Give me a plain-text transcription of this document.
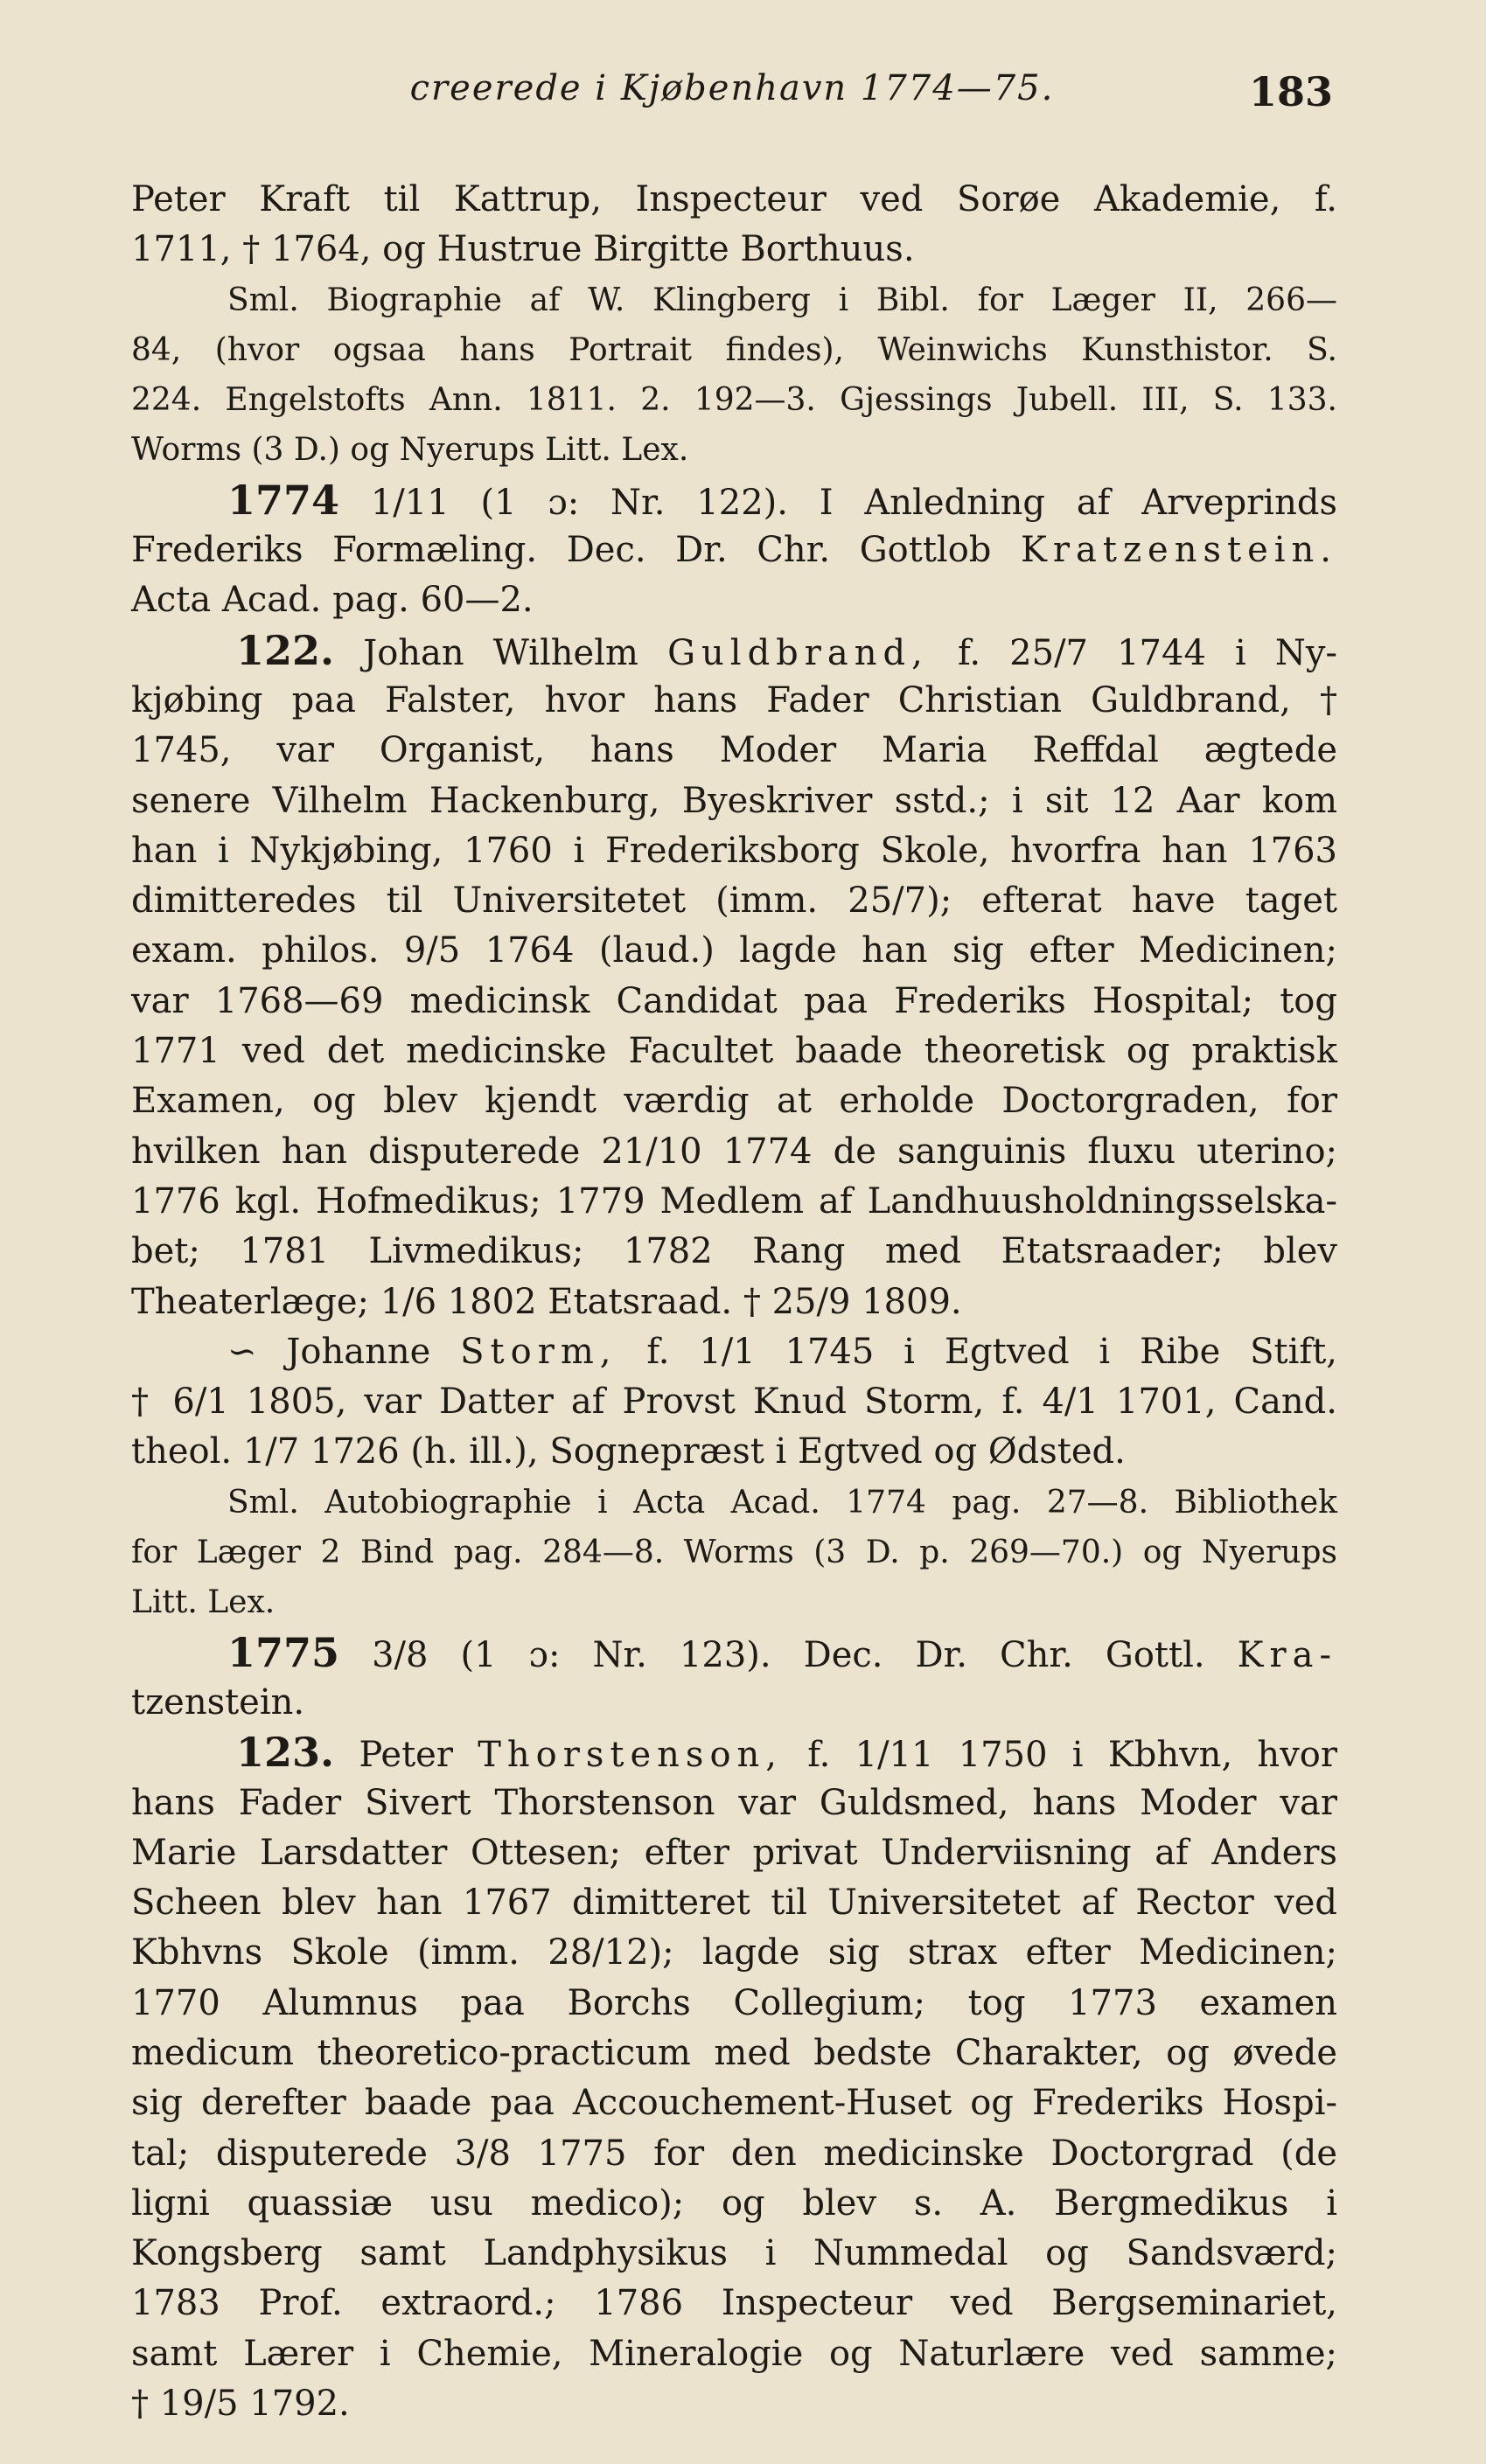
creerede i Kjøbenhavn 1774—75.	183
Peter Kraft til Kattrup, Inspecteur ved Sorøe Akademie, f.
1711, † 1764, og Hustrue Birgitte Borthuus.
Sml. Biographie af W. Klingberg i Bibl. for Læger II, 266—
84, (hvor ogsaa hans Portrait findes), Weinwichs Kunsthistor. S.
224. Engelstofts Ann. 1811. 2. 192—3. Gjessings Jubell. III, S. 133.
Worms (3 D.) og Nyerups Litt. Lex.
1774 1/11 (1 ɔ: Nr. 122). I Anledning af Arveprinds
Frederiks Formæling. Dec. Dr. Chr. Gottlob Kratzenstein.
Acta Acad. pag. 60—2.
122. Johan Wilhelm Guldbrand, f. 25/7 1744 i Ny-
kjøbing paa Falster, hvor hans Fader Christian Guldbrand, †
1745, var Organist, hans Moder Maria Reffdal ægtede
senere Vilhelm Hackenburg, Byeskriver sstd.; i sit 12 Aar kom
han i Nykjøbing, 1760 i Frederiksborg Skole, hvorfra han 1763
dimitteredes til Universitetet (imm. 25/7); efterat have taget
exam. philos. 9/5 1764 (laud.) lagde han sig efter Medicinen;
var 1768—69 medicinsk Candidat paa Frederiks Hospital; tog
1771 ved det medicinske Facultet baade theoretisk og praktisk
Examen, og blev kjendt værdig at erholde Doctorgraden, for
hvilken han disputerede 21/10 1774 de sanguinis fluxu uterino;
1776 kgl. Hofmedikus; 1779 Medlem af Landhuusholdningsselska-
bet; 1781 Livmedikus; 1782 Rang med Etatsraader; blev
Theaterlæge; 1/6 1802 Etatsraad. † 25/9 1809.
∽ Johanne Storm, f. 1/1 1745 i Egtved i Ribe Stift,
† 6/1 1805, var Datter af Provst Knud Storm, f. 4/1 1701, Cand.
theol. 1/7 1726 (h. ill.), Sognepræst i Egtved og Ødsted.
Sml. Autobiographie i Acta Acad. 1774 pag. 27—8. Bibliothek
for Læger 2 Bind pag. 284—8. Worms (3 D. p. 269—70.) og Nyerups
Litt. Lex.
1775 3/8 (1 ɔ: Nr. 123). Dec. Dr. Chr. Gottl. Kra-
tzenstein.
123. Peter Thorstenson, f. 1/11 1750 i Kbhvn, hvor
hans Fader Sivert Thorstenson var Guldsmed, hans Moder var
Marie Larsdatter Ottesen; efter privat Underviisning af Anders
Scheen blev han 1767 dimitteret til Universitetet af Rector ved
Kbhvns Skole (imm. 28/12); lagde sig strax efter Medicinen;
1770 Alumnus paa Borchs Collegium; tog 1773 examen
medicum theoretico-practicum med bedste Charakter, og øvede
sig derefter baade paa Accouchement-Huset og Frederiks Hospi-
tal; disputerede 3/8 1775 for den medicinske Doctorgrad (de
ligni quassiæ usu medico); og blev s. A. Bergmedikus i
Kongsberg samt Landphysikus i Nummedal og Sandsværd;
1783 Prof. extraord.; 1786 Inspecteur ved Bergseminariet,
samt Lærer i Chemie, Mineralogie og Naturlære ved samme;
† 19/5 1792.
